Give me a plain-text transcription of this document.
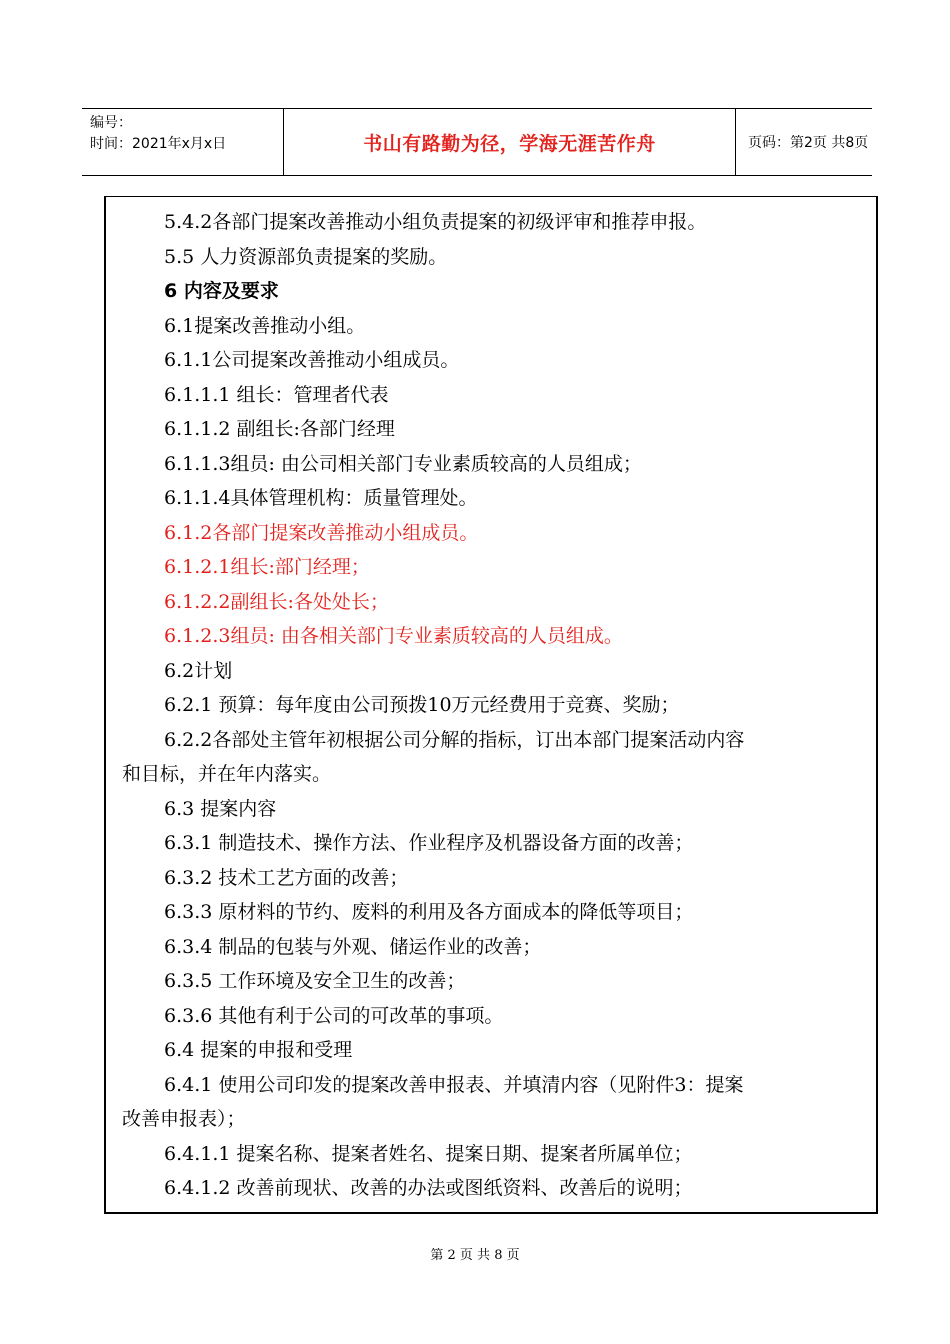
编号：
时间：2021年x月x日	书山有路勤为径，学海无涯苦作舟	页码：第2页 共8页
5.4.2各部门提案改善推动小组负责提案的初级评审和推荐申报。
5.5 人力资源部负责提案的奖励。
6 内容及要求
6.1提案改善推动小组。
6.1.1公司提案改善推动小组成员。
6.1.1.1 组长：管理者代表
6.1.1.2 副组长:各部门经理
6.1.1.3组员: 由公司相关部门专业素质较高的人员组成；
6.1.1.4具体管理机构：质量管理处。
6.1.2各部门提案改善推动小组成员。
6.1.2.1组长:部门经理；
6.1.2.2副组长:各处处长；
6.1.2.3组员: 由各相关部门专业素质较高的人员组成。
6.2计划
6.2.1 预算：每年度由公司预拨10万元经费用于竞赛、奖励；
6.2.2各部处主管年初根据公司分解的指标，订出本部门提案活动内容
和目标，并在年内落实。
6.3 提案内容
6.3.1 制造技术、操作方法、作业程序及机器设备方面的改善；
6.3.2 技术工艺方面的改善；
6.3.3 原材料的节约、废料的利用及各方面成本的降低等项目；
6.3.4 制品的包装与外观、储运作业的改善；
6.3.5 工作环境及安全卫生的改善；
6.3.6 其他有利于公司的可改革的事项。
6.4 提案的申报和受理
6.4.1 使用公司印发的提案改善申报表、并填清内容（见附件3：提案
改善申报表）；
6.4.1.1 提案名称、提案者姓名、提案日期、提案者所属单位；
6.4.1.2 改善前现状、改善的办法或图纸资料、改善后的说明；
第 2 页 共 8 页
